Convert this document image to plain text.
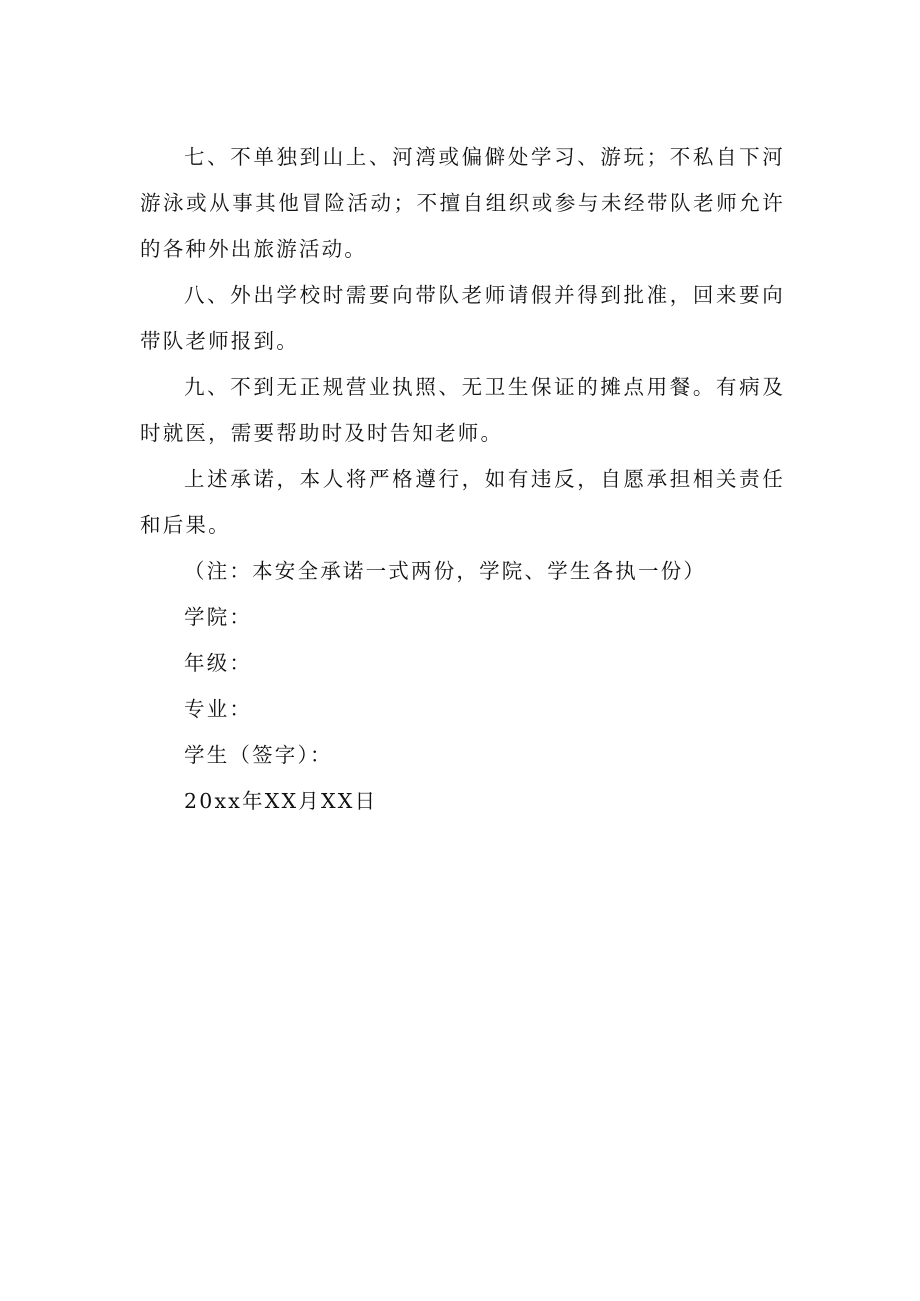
七、不单独到山上、河湾或偏僻处学习、游玩；不私自下河游泳或从事其他冒险活动；不擅自组织或参与未经带队老师允许的各种外出旅游活动。

八、外出学校时需要向带队老师请假并得到批准，回来要向带队老师报到。

九、不到无正规营业执照、无卫生保证的摊点用餐。有病及时就医，需要帮助时及时告知老师。

上述承诺，本人将严格遵行，如有违反，自愿承担相关责任和后果。

（注：本安全承诺一式两份，学院、学生各执一份）

学院：

年级：

专业：

学生（签字）：

20xx年XX月XX日
